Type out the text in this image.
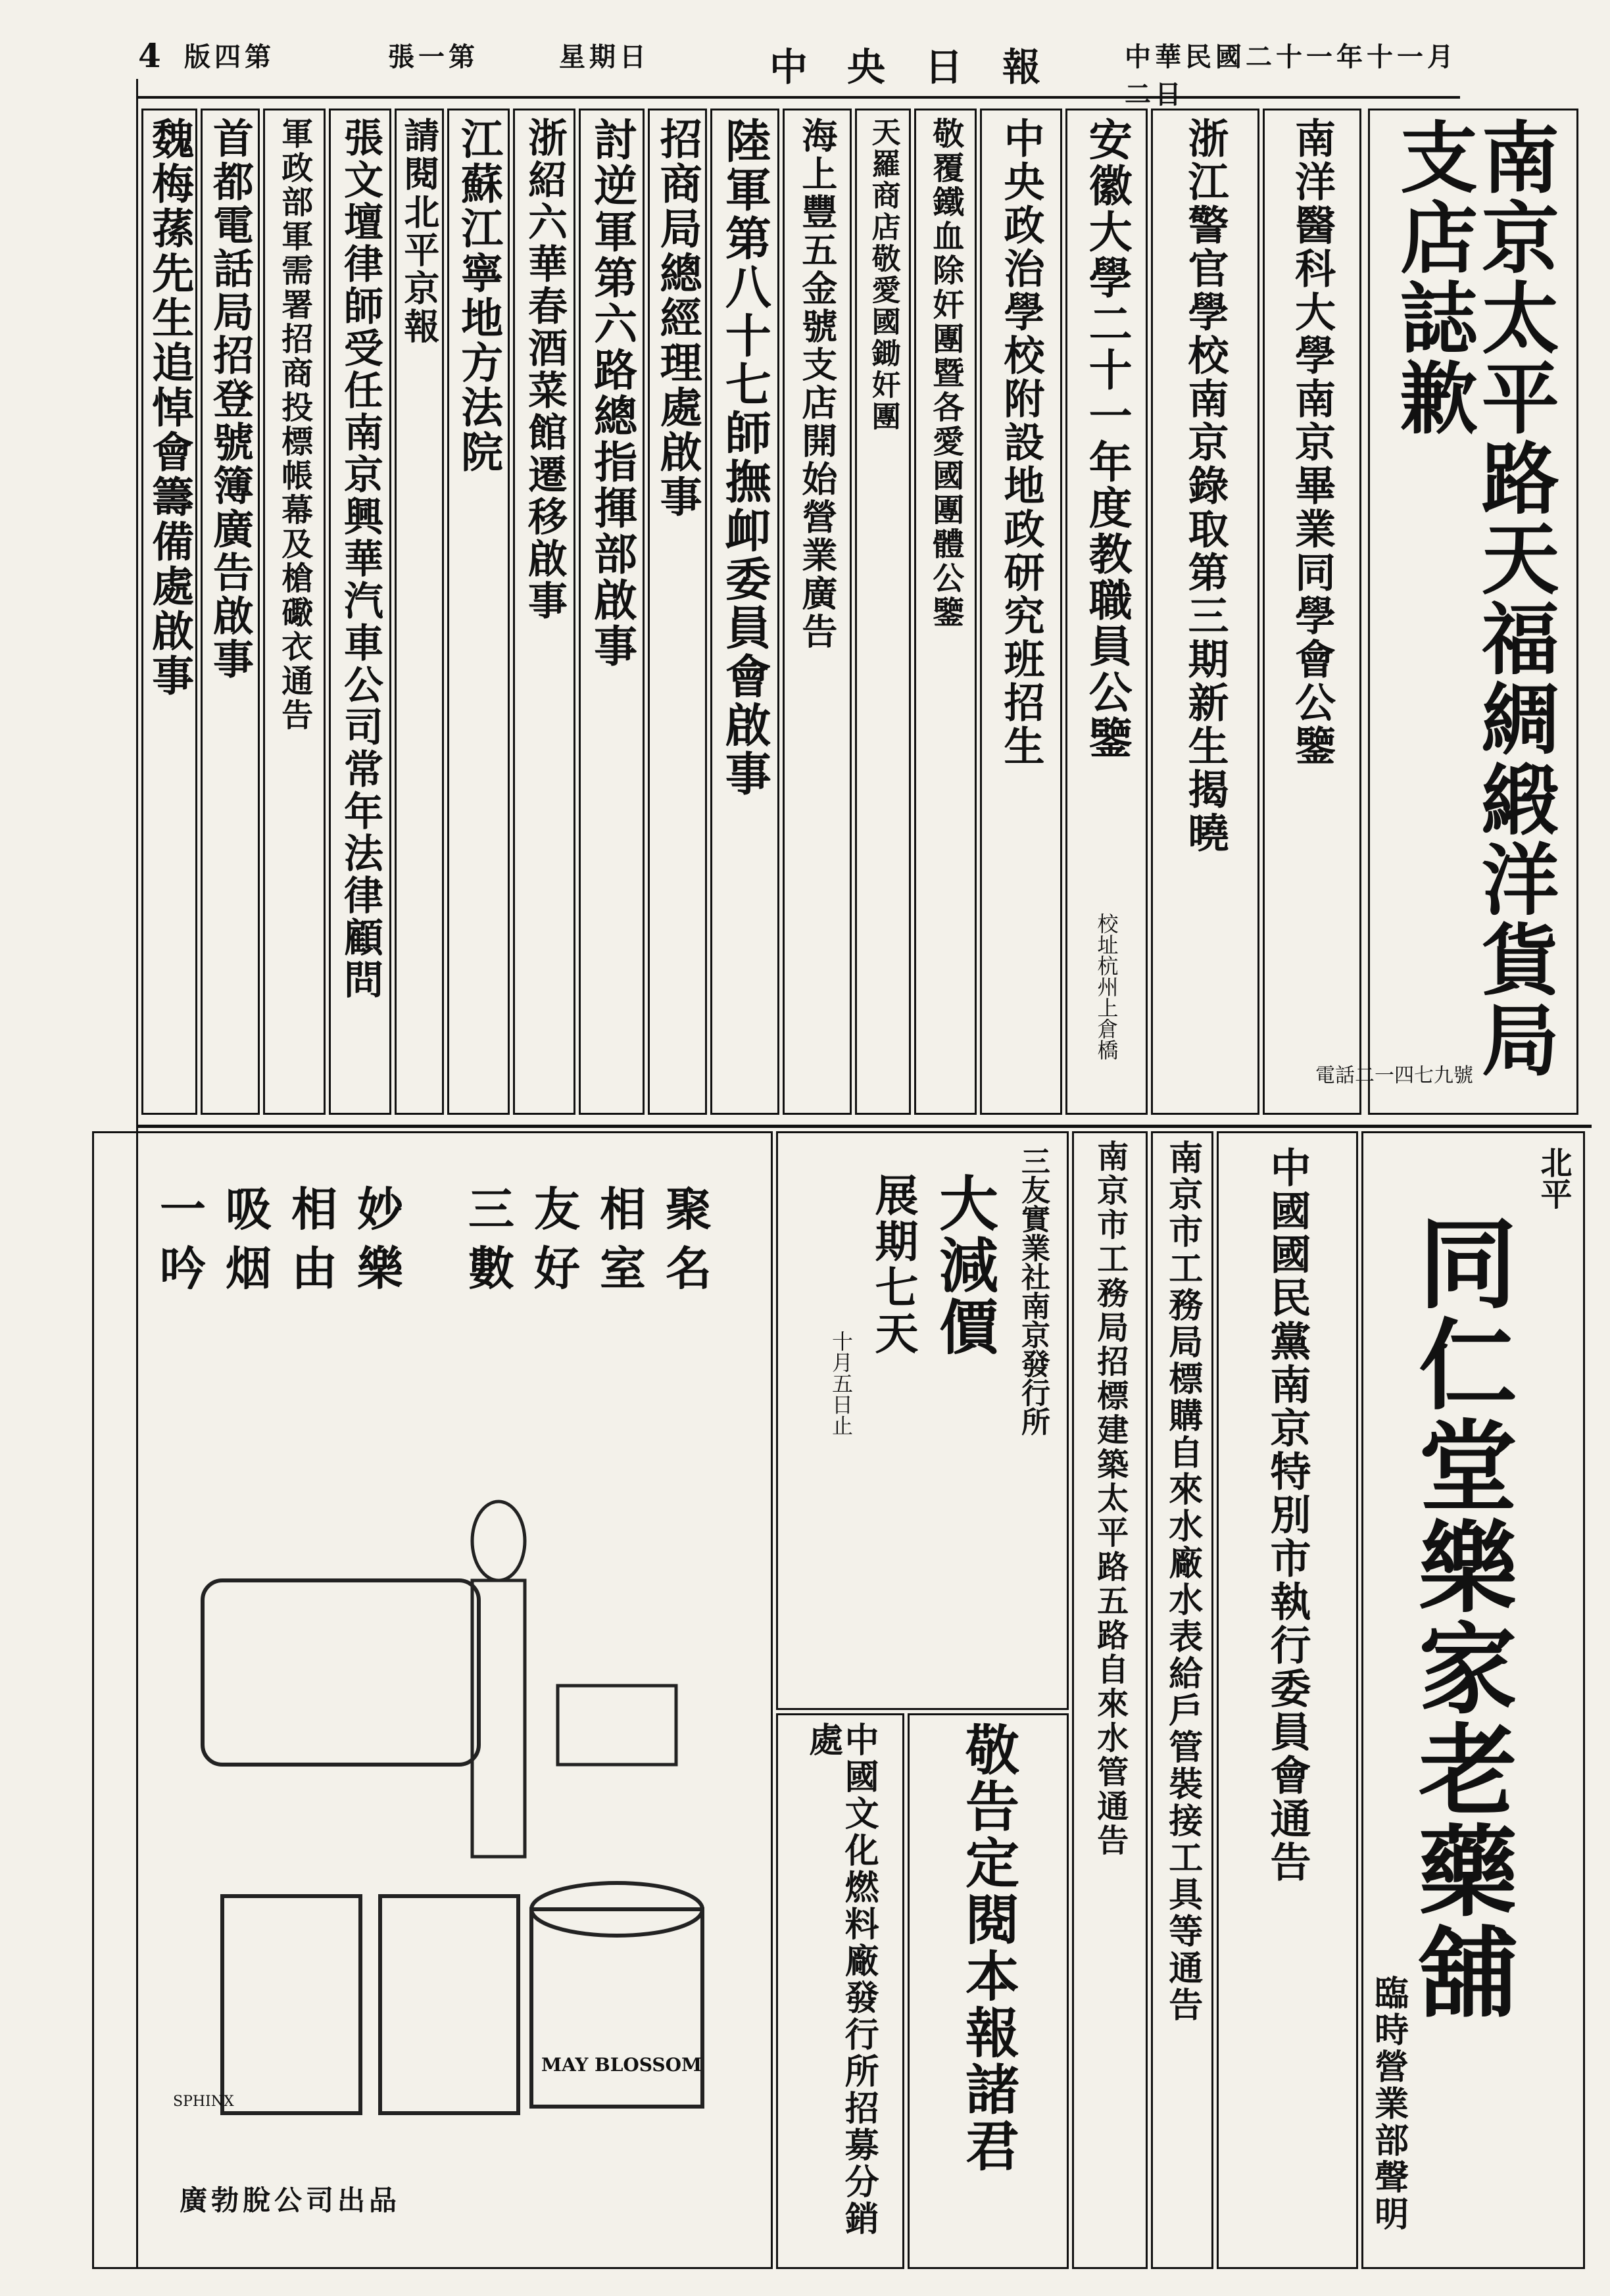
4 版四第	張一第	星期日	中央日報 中華民國二十一年十一月二日
南京太平路天福綢緞洋貨局支店誌歉
南洋醫科大學南京畢業同學會公鑒
浙江警官學校南京錄取第三期新生揭曉
安徽大學二十一年度教職員公鑒
校址杭州上倉橋
中央政治學校附設地政研究班招生
敬覆鐵血除奸團暨各愛國團體公鑒
天羅商店敬愛國鋤奸團
海上豐五金號支店開始營業廣告
陸軍第八十七師撫卹委員會啟事
招商局總經理處啟事
討逆軍第六路總指揮部啟事
浙紹六華春酒菜館遷移啟事
江蘇江寧地方法院
請閱北平京報
張文壇律師受任南京興華汽車公司常年法律顧問
軍政部軍需署招商投標帳幕及槍礮衣通告
首都電話局招登號簿廣告啟事
魏梅蓀先生追悼會籌備處啟事
北平
同仁堂樂家老藥舖
臨時營業部聲明
中國國民黨南京特別市執行委員會通告
南京市工務局標購自來水廠水表給戶管裝接工具等通告
南京市工務局招標建築太平路五路自來水管通告
三友實業社南京發行所
大減價
展期七天
十月五日止
敬告定閱本報諸君
中國文化燃料廠發行所招募分銷處
三友相聚
數好室名
一吸相妙
吟烟由樂
MAY BLOSSOM
SPHINX
廣勃脫公司出品
電話二一四七九號
